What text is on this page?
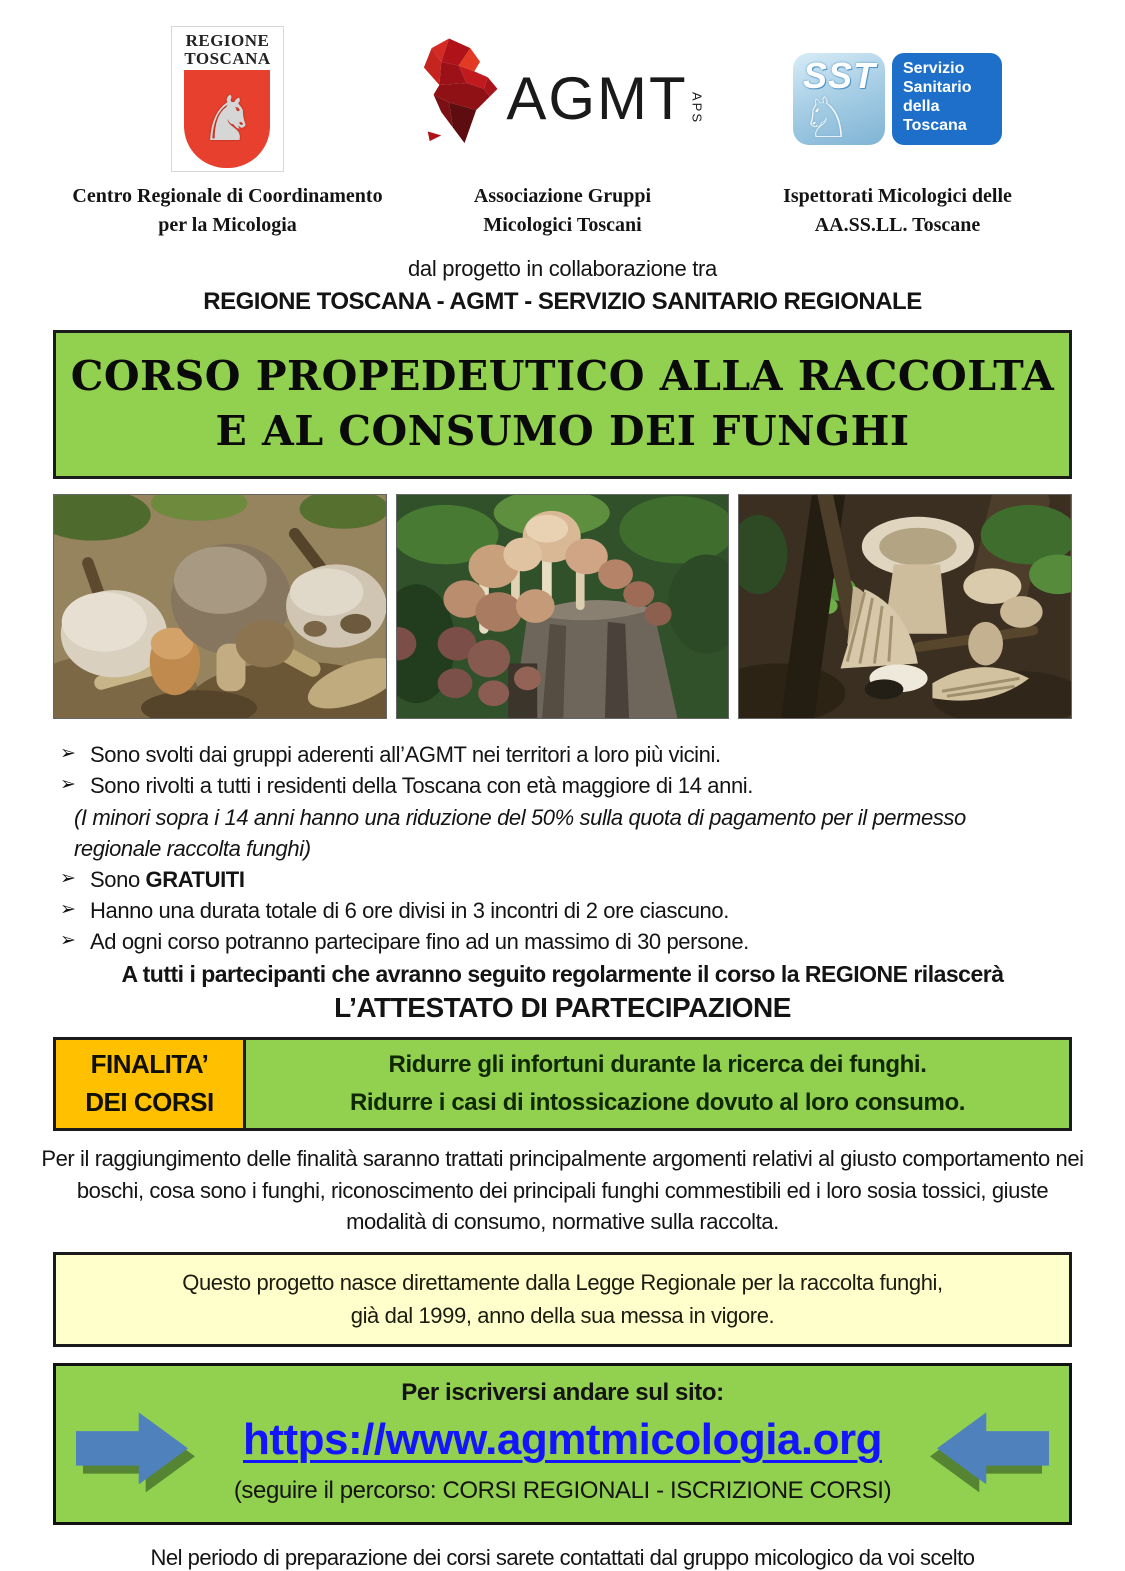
REGIONE
TOSCANA
♞
Centro Regionale di Coordinamento
per la Micologia
AGMT APS
Associazione Gruppi
Micologici Toscani
SST
♘
Servizio
Sanitario
della
Toscana
Ispettorati Micologici delle
AA.SS.LL. Toscane
dal progetto in collaborazione tra
REGIONE TOSCANA - AGMT - SERVIZIO SANITARIO REGIONALE
CORSO PROPEDEUTICO ALLA RACCOLTA
E AL CONSUMO DEI FUNGHI
➢ Sono svolti dai gruppi aderenti all’AGMT nei territori a loro più vicini.
➢ Sono rivolti a tutti i residenti della Toscana con età maggiore di 14 anni.
(I minori sopra i 14 anni hanno una riduzione del 50% sulla quota di pagamento per il permesso regionale raccolta funghi)
➢ Sono GRATUITI
➢ Hanno una durata totale di 6 ore divisi in 3 incontri di 2 ore ciascuno.
➢ Ad ogni corso potranno partecipare fino ad un massimo di 30 persone.
A tutti i partecipanti che avranno seguito regolarmente il corso la REGIONE rilascerà
L’ATTESTATO DI PARTECIPAZIONE
FINALITA’
DEI CORSI
Ridurre gli infortuni durante la ricerca dei funghi.
Ridurre i casi di intossicazione dovuto al loro consumo.
Per il raggiungimento delle finalità saranno trattati principalmente argomenti relativi al giusto comportamento nei boschi, cosa sono i funghi, riconoscimento dei principali funghi commestibili ed i loro sosia tossici, giuste modalità di consumo, normative sulla raccolta.
Questo progetto nasce direttamente dalla Legge Regionale per la raccolta funghi,
già dal 1999, anno della sua messa in vigore.
Per iscriversi andare sul sito:
https://www.agmtmicologia.org
(seguire il percorso: CORSI REGIONALI - ISCRIZIONE CORSI)
Nel periodo di preparazione dei corsi sarete contattati dal gruppo micologico da voi scelto
